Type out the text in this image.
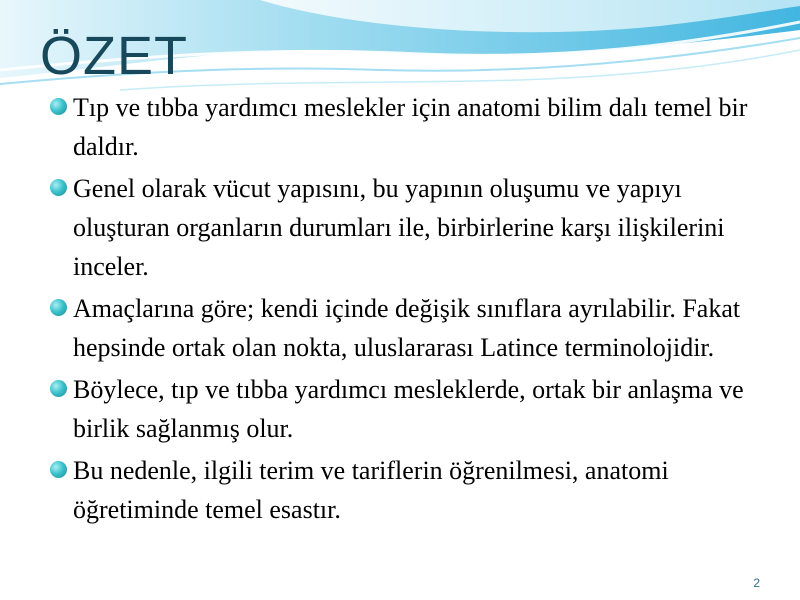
ÖZET
Tıp ve tıbba yardımcı meslekler için anatomi bilim dalı temel bir daldır.
Genel olarak vücut yapısını, bu yapının oluşumu ve yapıyı oluşturan organların durumları ile, birbirlerine karşı ilişkilerini inceler.
Amaçlarına göre; kendi içinde değişik sınıflara ayrılabilir. Fakat hepsinde ortak olan nokta, uluslararası Latince terminolojidir.
Böylece, tıp ve tıbba yardımcı mesleklerde, ortak bir anlaşma ve birlik sağlanmış olur.
Bu nedenle, ilgili terim ve tariflerin öğrenilmesi, anatomi öğretiminde temel esastır.
2
